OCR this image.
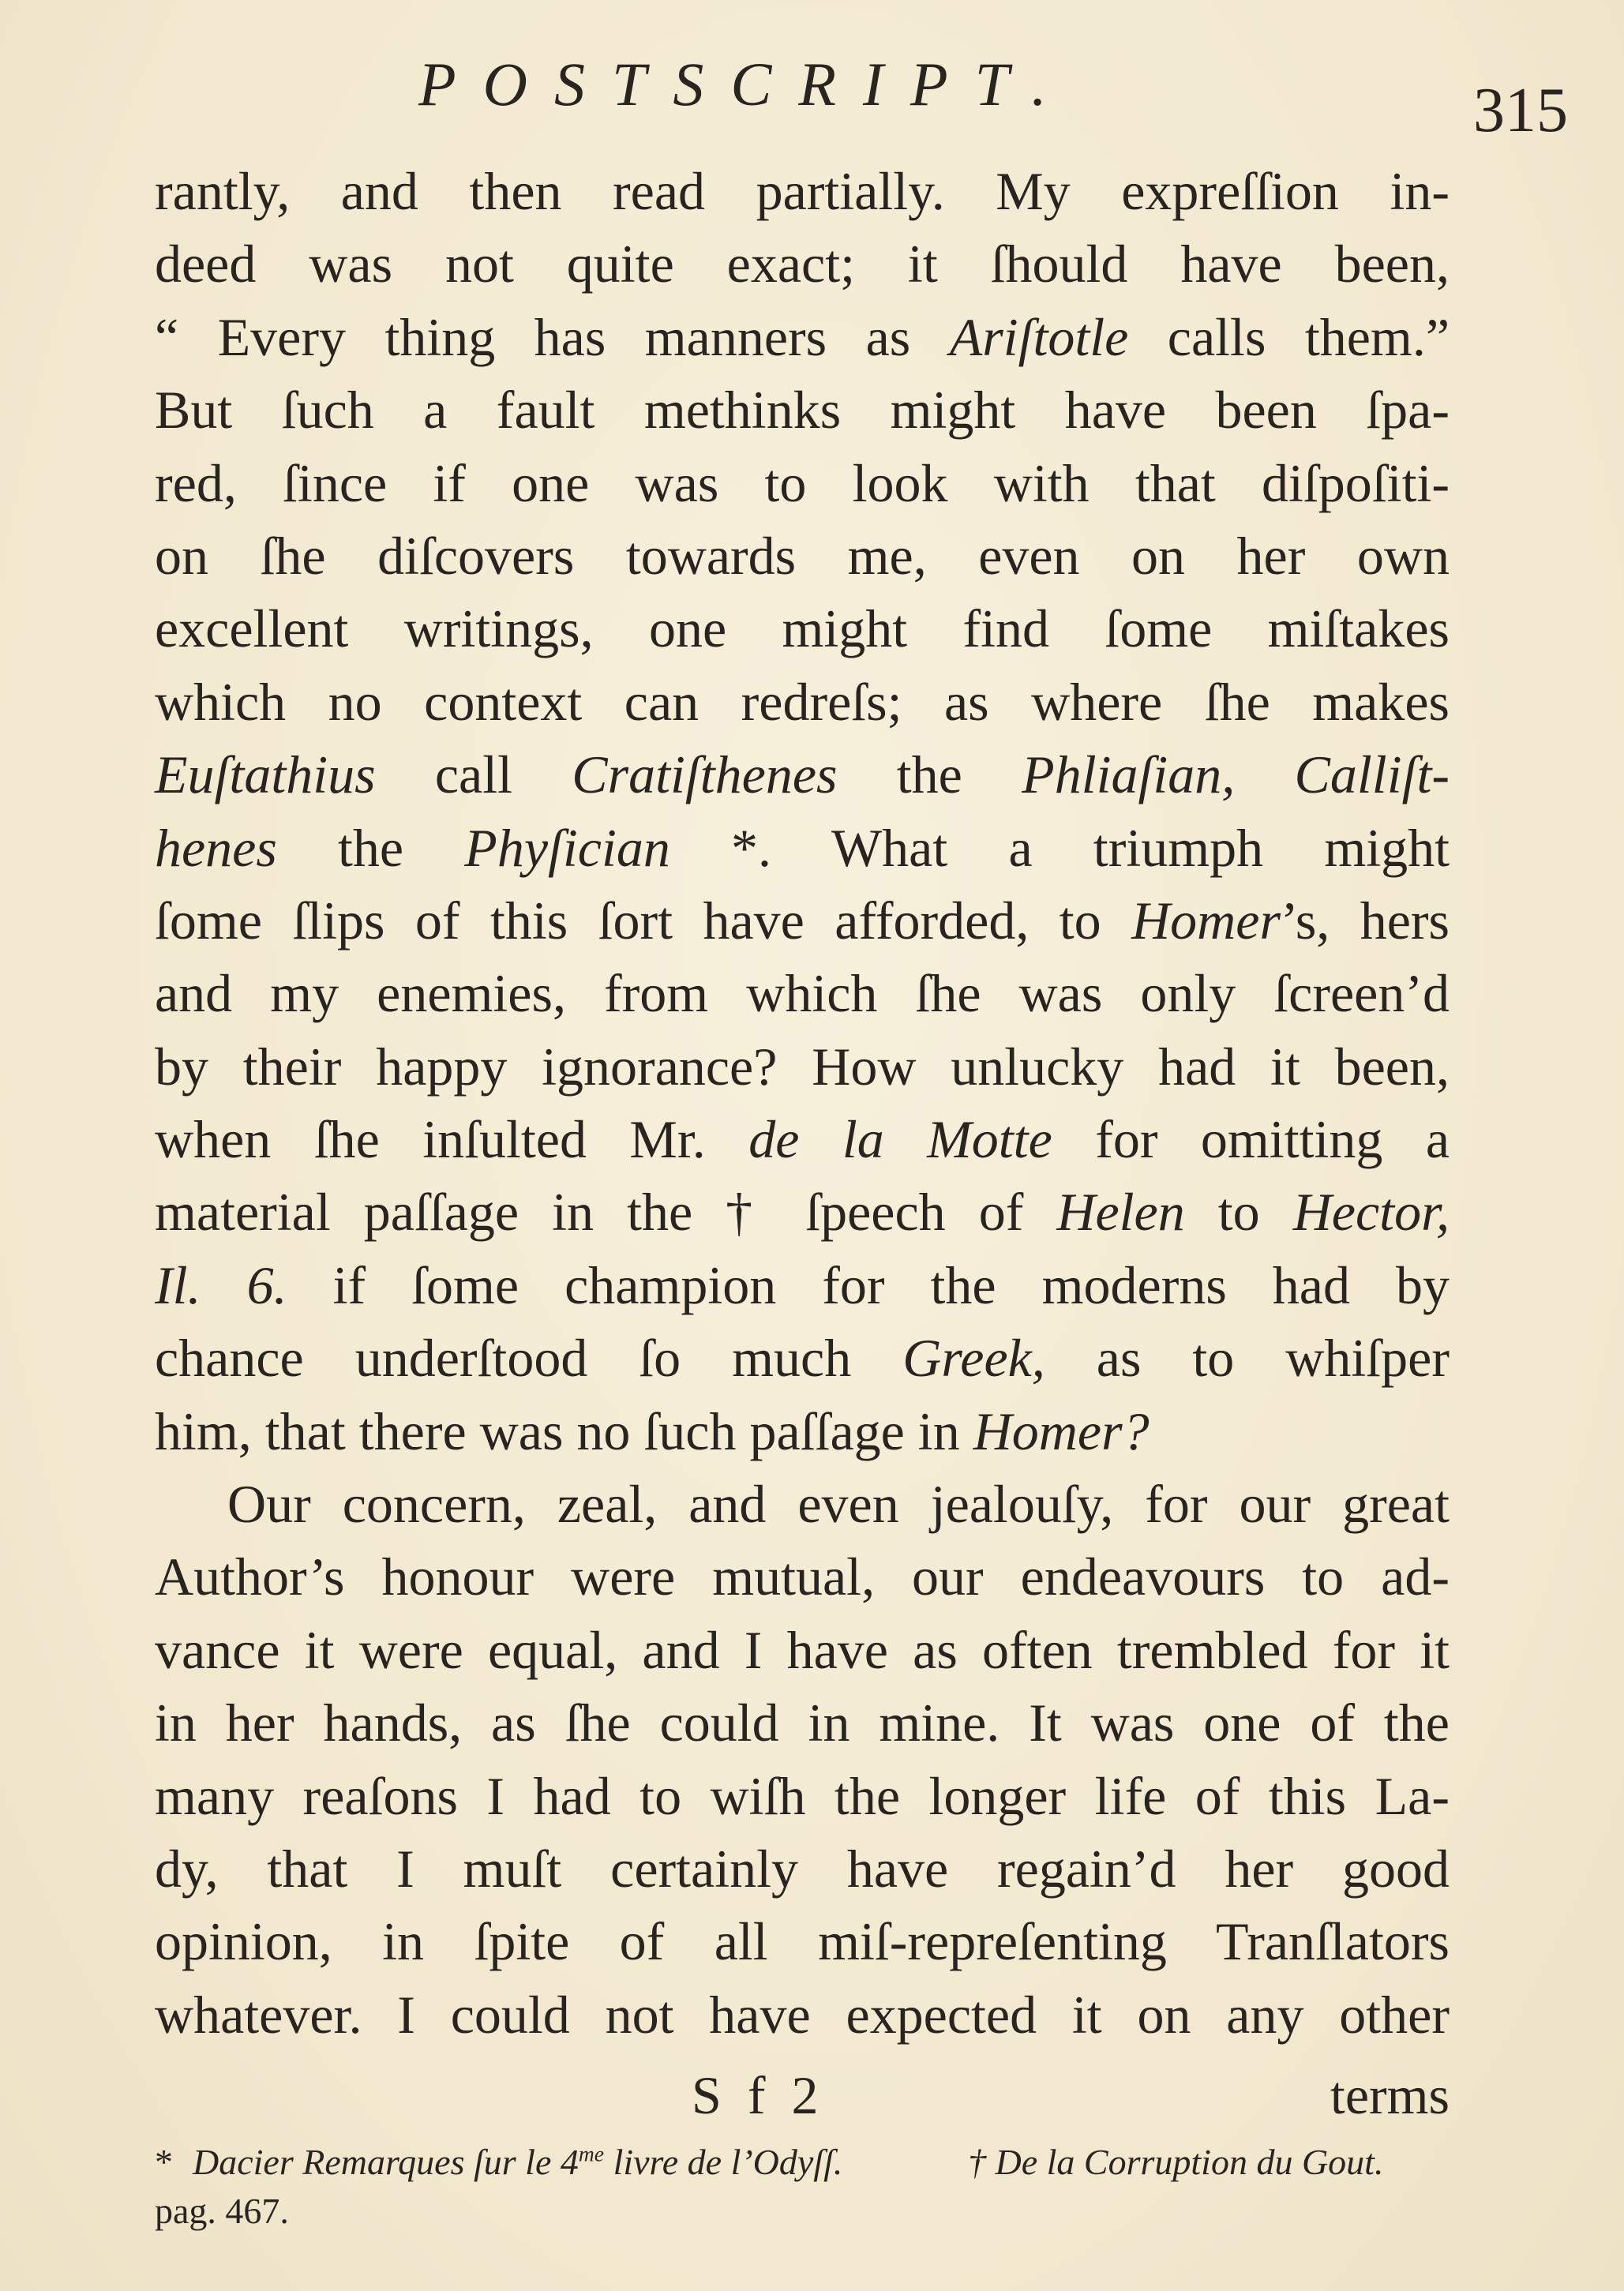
POSTSCRIPT.	315
rantly, and then read partially. My expreſſion in-
deed was not quite exact; it ſhould have been,
“ Every thing has manners as Ariſtotle calls them.”
But ſuch a fault methinks might have been ſpa-
red, ſince if one was to look with that diſpoſiti-
on ſhe diſcovers towards me, even on her own
excellent writings, one might find ſome miſtakes
which no context can redreſs; as where ſhe makes
Euſtathius call Cratiſthenes the Phliaſian, Calliſt-
henes the Phyſician *. What a triumph might
ſome ſlips of this ſort have afforded, to Homer’s, hers
and my enemies, from which ſhe was only ſcreen’d
by their happy ignorance? How unlucky had it been,
when ſhe inſulted Mr. de la Motte for omitting a
material paſſage in the † ſpeech of Helen to Hector,
Il. 6. if ſome champion for the moderns had by
chance underſtood ſo much Greek, as to whiſper
him, that there was no ſuch paſſage in Homer?
Our concern, zeal, and even jealouſy, for our great
Author’s honour were mutual, our endeavours to ad-
vance it were equal, and I have as often trembled for it
in her hands, as ſhe could in mine. It was one of the
many reaſons I had to wiſh the longer life of this La-
dy, that I muſt certainly have regain’d her good
opinion, in ſpite of all miſ-repreſenting Tranſlators
whatever. I could not have expected it on any other
S f 2	terms
* Dacier Remarques ſur le $4^{me}$ livre de l’Odyſſ.	† De la Corruption du Gout.
pag. 467.
